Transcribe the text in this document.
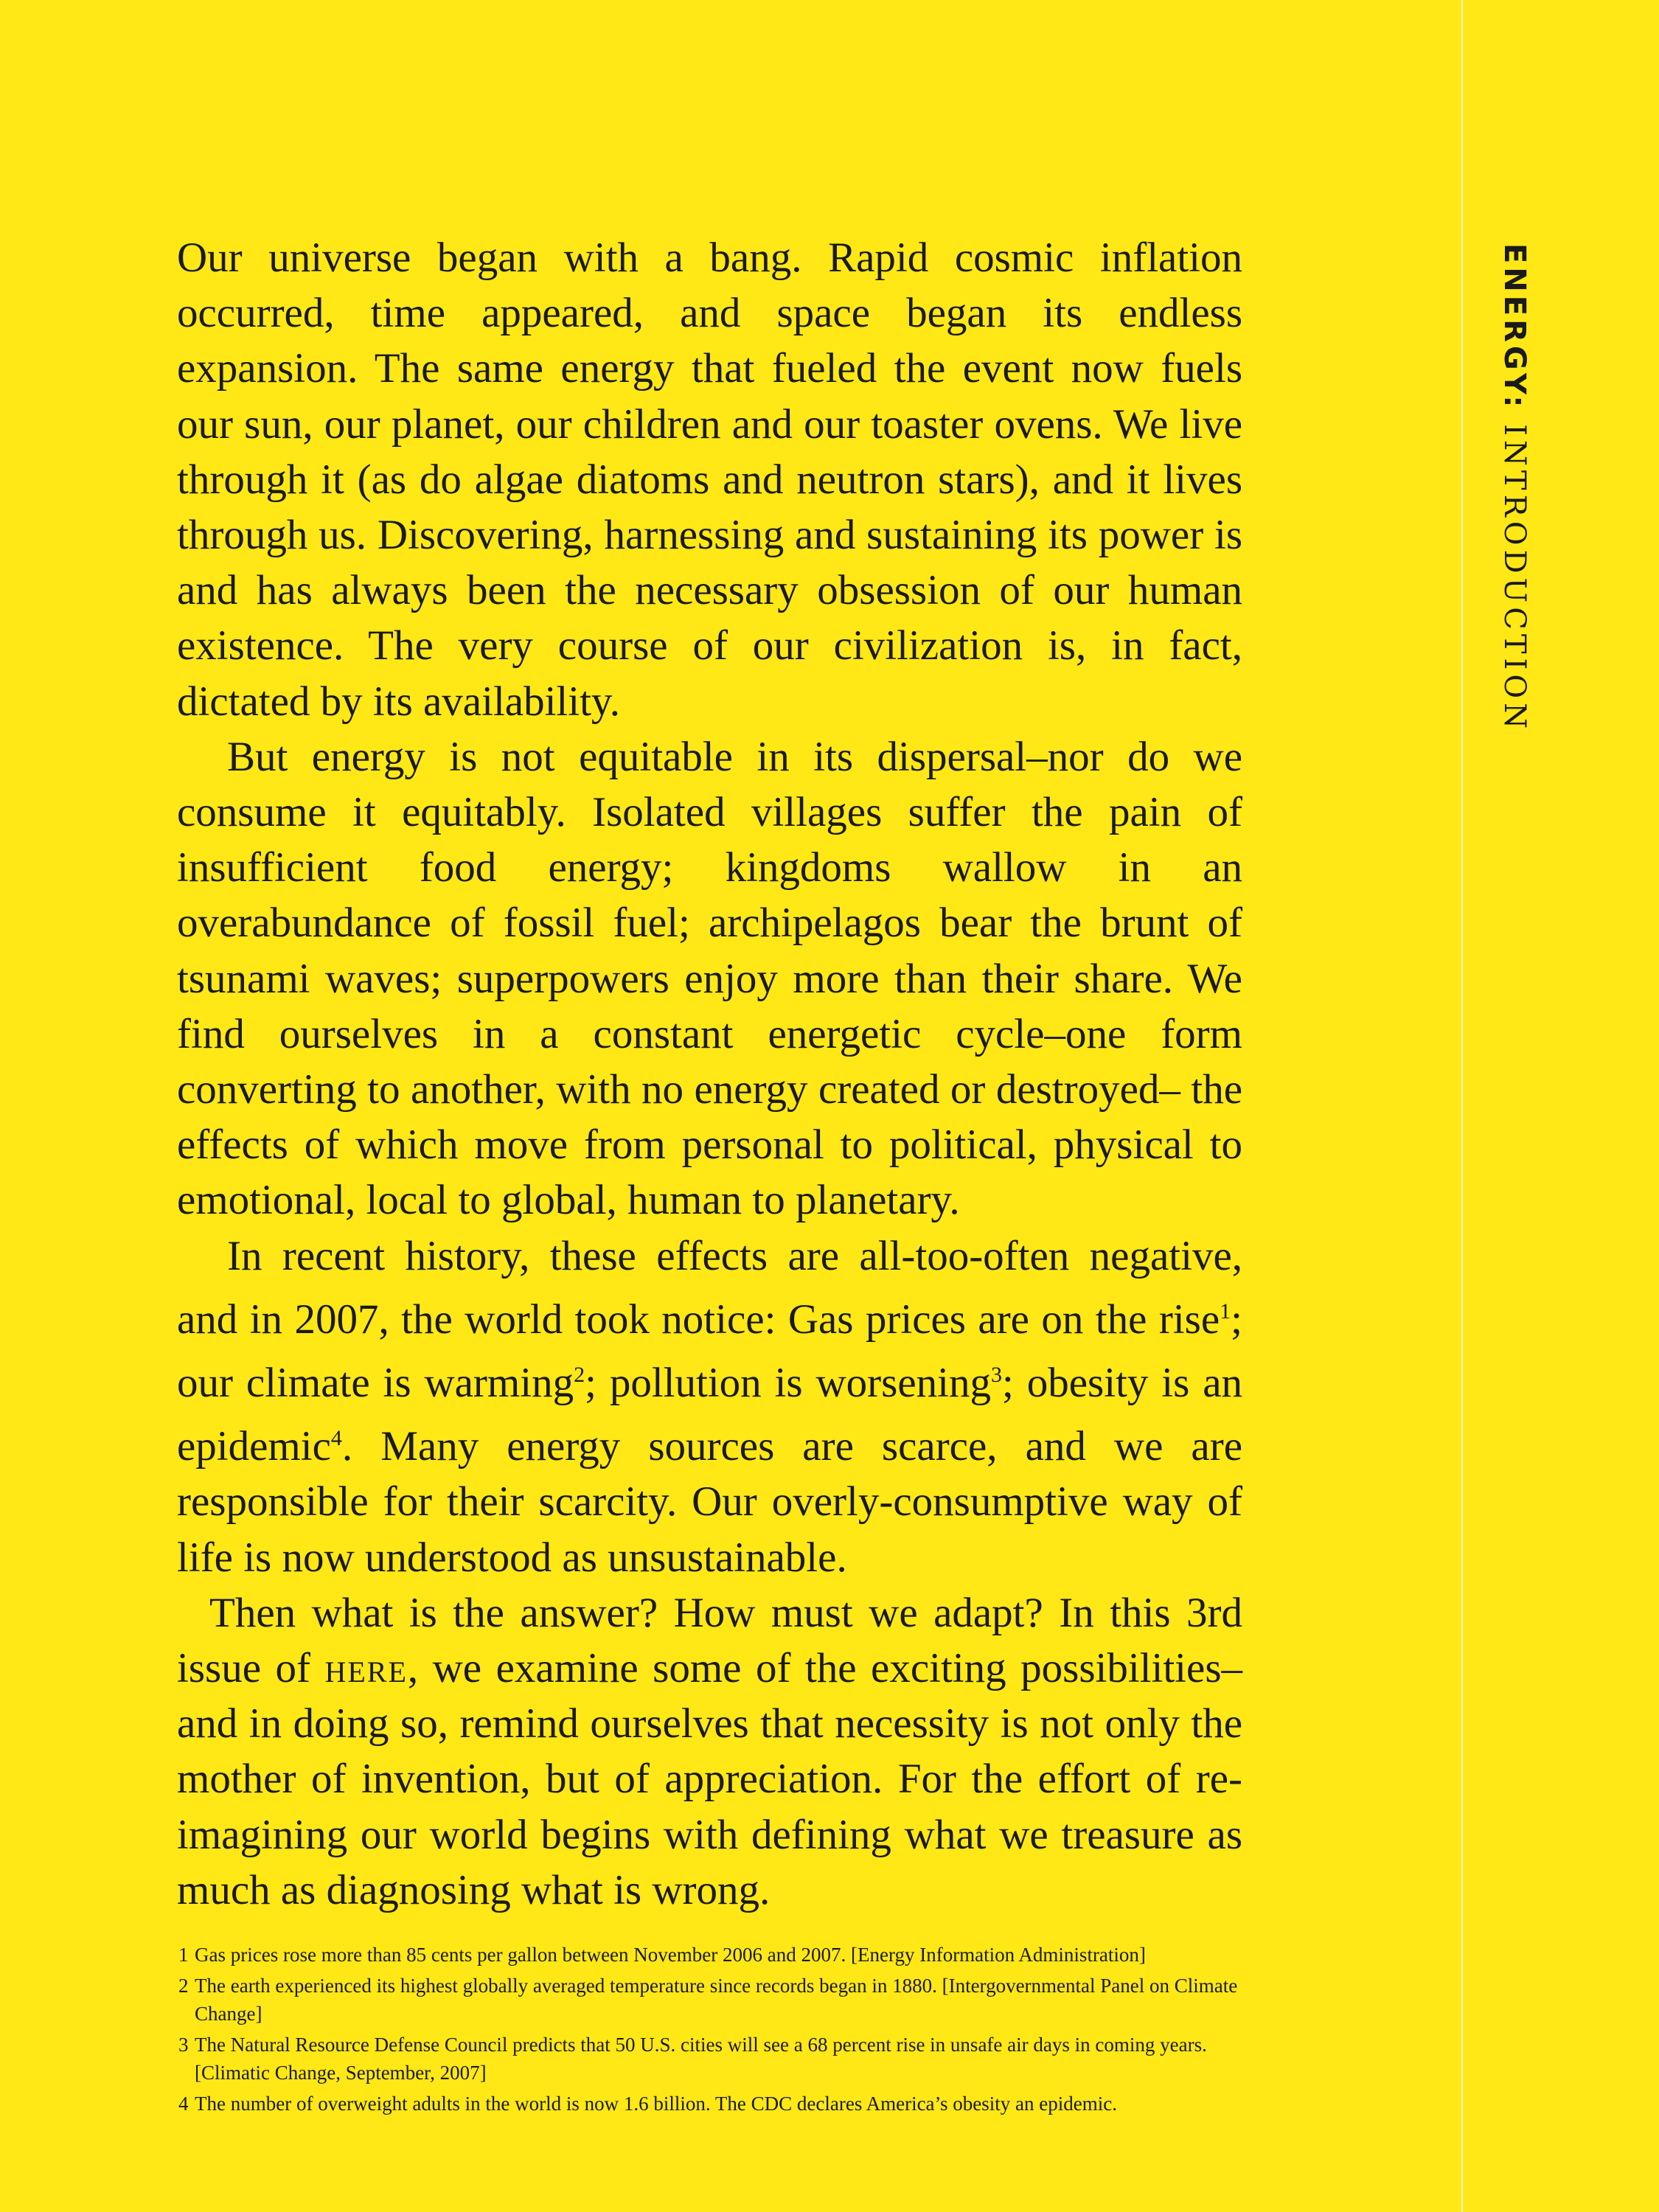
ENERGY: INTRODUCTION

Our universe began with a bang. Rapid cosmic inflation occurred, time appeared, and space began its endless expansion. The same energy that fueled the event now fuels our sun, our planet, our children and our toaster ovens. We live through it (as do algae diatoms and neutron stars), and it lives through us. Discovering, harnessing and sustaining its power is and has always been the necessary obsession of our human existence. The very course of our civilization is, in fact, dictated by its availability.

But energy is not equitable in its dispersal–nor do we consume it equitably. Isolated villages suffer the pain of insufficient food energy; kingdoms wallow in an overabundance of fossil fuel; archipelagos bear the brunt of tsunami waves; superpowers enjoy more than their share. We find ourselves in a constant energetic cycle–one form converting to another, with no energy created or destroyed– the effects of which move from personal to political, physical to emotional, local to global, human to planetary.

In recent history, these effects are all-too-often negative, and in 2007, the world took notice: Gas prices are on the rise$^1$; our climate is warming$^2$; pollution is worsening$^3$; obesity is an epidemic$^4$. Many energy sources are scarce, and we are responsible for their scarcity. Our overly-consumptive way of life is now understood as unsustainable.

Then what is the answer? How must we adapt? In this 3rd issue of here, we examine some of the exciting possibilities–and in doing so, remind ourselves that necessity is not only the mother of invention, but of appreciation. For the effort of re-imagining our world begins with defining what we treasure as much as diagnosing what is wrong.

1 Gas prices rose more than 85 cents per gallon between November 2006 and 2007. [Energy Information Administration]
2 The earth experienced its highest globally averaged temperature since records began in 1880. [Intergovernmental Panel on Climate Change]
3 The Natural Resource Defense Council predicts that 50 U.S. cities will see a 68 percent rise in unsafe air days in coming years. [Climatic Change, September, 2007]
4 The number of overweight adults in the world is now 1.6 billion. The CDC declares America’s obesity an epidemic.
